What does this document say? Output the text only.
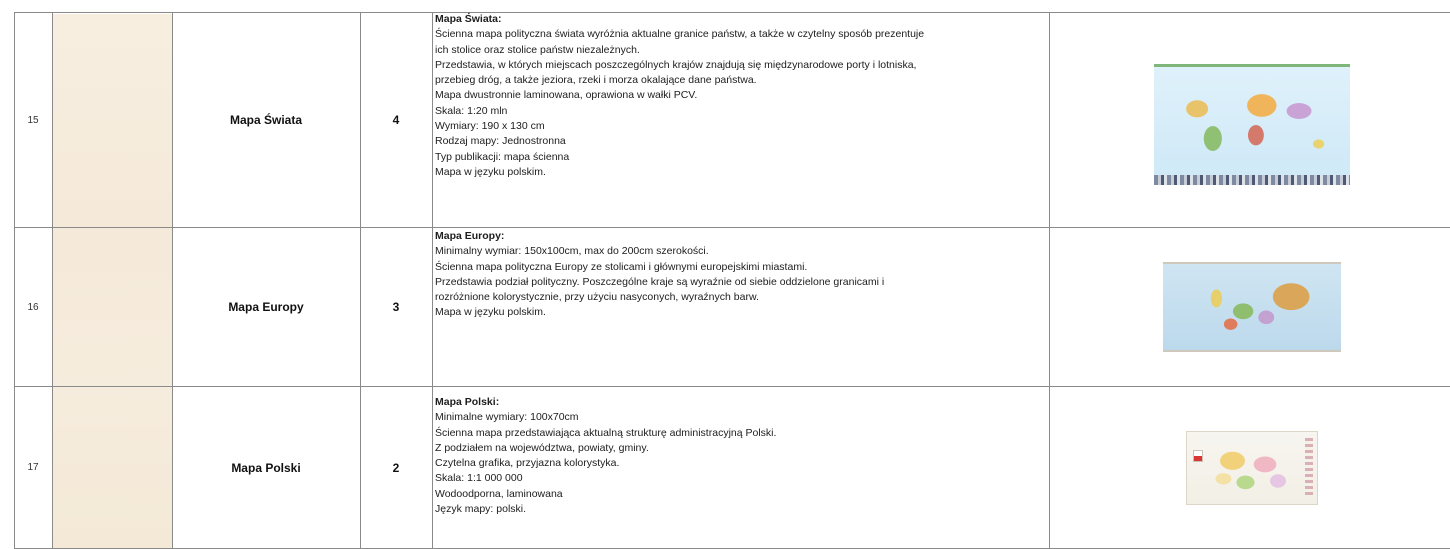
15	Mapa Świata	4
Mapa Świata:
Ścienna mapa polityczna świata wyróżnia aktualne granice państw, a także w czytelny sposób prezentuje
ich stolice oraz stolice państw niezależnych.
Przedstawia, w których miejscach poszczególnych krajów znajdują się międzynarodowe porty i lotniska,
przebieg dróg, a także jeziora, rzeki i morza okalające dane państwa.
Mapa dwustronnie laminowana, oprawiona w wałki PCV.
Skala: 1:20 mln
Wymiary: 190 x 130 cm
Rodzaj mapy: Jednostronna
Typ publikacji: mapa ścienna
Mapa w języku polskim.
16	Mapa Europy	3
Mapa Europy:
Minimalny wymiar: 150x100cm, max do 200cm szerokości.
Ścienna mapa polityczna Europy ze stolicami i głównymi europejskimi miastami.
Przedstawia podział polityczny. Poszczególne kraje są wyraźnie od siebie oddzielone granicami i
rozróżnione kolorystycznie, przy użyciu nasyconych, wyraźnych barw.
Mapa w języku polskim.
17	Mapa Polski	2
Mapa Polski:
Minimalne wymiary: 100x70cm
Ścienna mapa przedstawiająca aktualną strukturę administracyjną Polski.
Z podziałem na województwa, powiaty, gminy.
Czytelna grafika, przyjazna kolorystyka.
Skala: 1:1 000 000
Wodoodporna, laminowana
Język mapy: polski.
